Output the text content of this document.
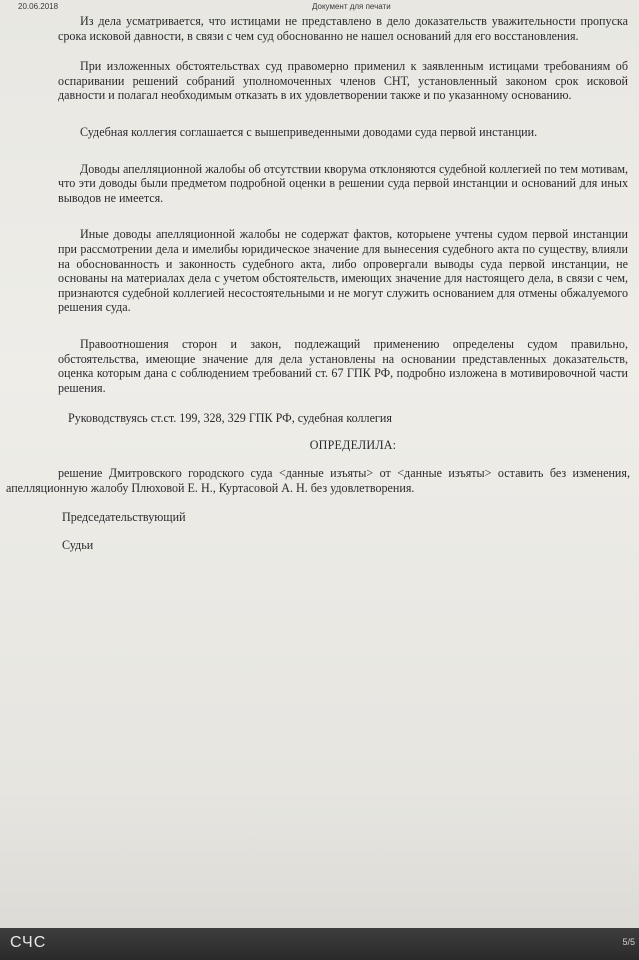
20.06.2018	Документ для печати

Из дела усматривается, что истицами не представлено в дело доказательств уважительности пропуска срока исковой давности, в связи с чем суд обоснованно не нашел оснований для его восстановления.

При изложенных обстоятельствах суд правомерно применил к заявленным истицами требованиям об оспаривании решений собраний уполномоченных членов СНТ, установленный законом срок исковой давности и полагал необходимым отказать в их удовлетворении также и по указанному основанию.

Судебная коллегия соглашается с вышеприведенными доводами суда первой инстанции.

Доводы апелляционной жалобы об отсутствии кворума отклоняются судебной коллегией по тем мотивам, что эти доводы были предметом подробной оценки в решении суда первой инстанции и оснований для иных выводов не имеется.

Иные доводы апелляционной жалобы не содержат фактов, которыене учтены судом первой инстанции при рассмотрении дела и имелибы юридическое значение для вынесения судебного акта по существу, влияли на обоснованность и законность судебного акта, либо опровергали выводы суда первой инстанции, не основаны на материалах дела с учетом обстоятельств, имеющих значение для настоящего дела, в связи с чем, признаются судебной коллегией несостоятельными и не могут служить основанием для отмены обжалуемого решения суда.

Правоотношения сторон и закон, подлежащий применению определены судом правильно, обстоятельства, имеющие значение для дела установлены на основании представленных доказательств, оценка которым дана с соблюдением требований ст. 67 ГПК РФ, подробно изложена в мотивировочной части решения.

Руководствуясь ст.ст. 199, 328, 329 ГПК РФ, судебная коллегия

ОПРЕДЕЛИЛА:

решение Дмитровского городского суда <данные изъяты> от <данные изъяты> оставить без изменения, апелляционную жалобу Плюховой Е. Н., Куртасовой А. Н. без удовлетворения.

Председательствующий

Судьи

СЧС	5/5
